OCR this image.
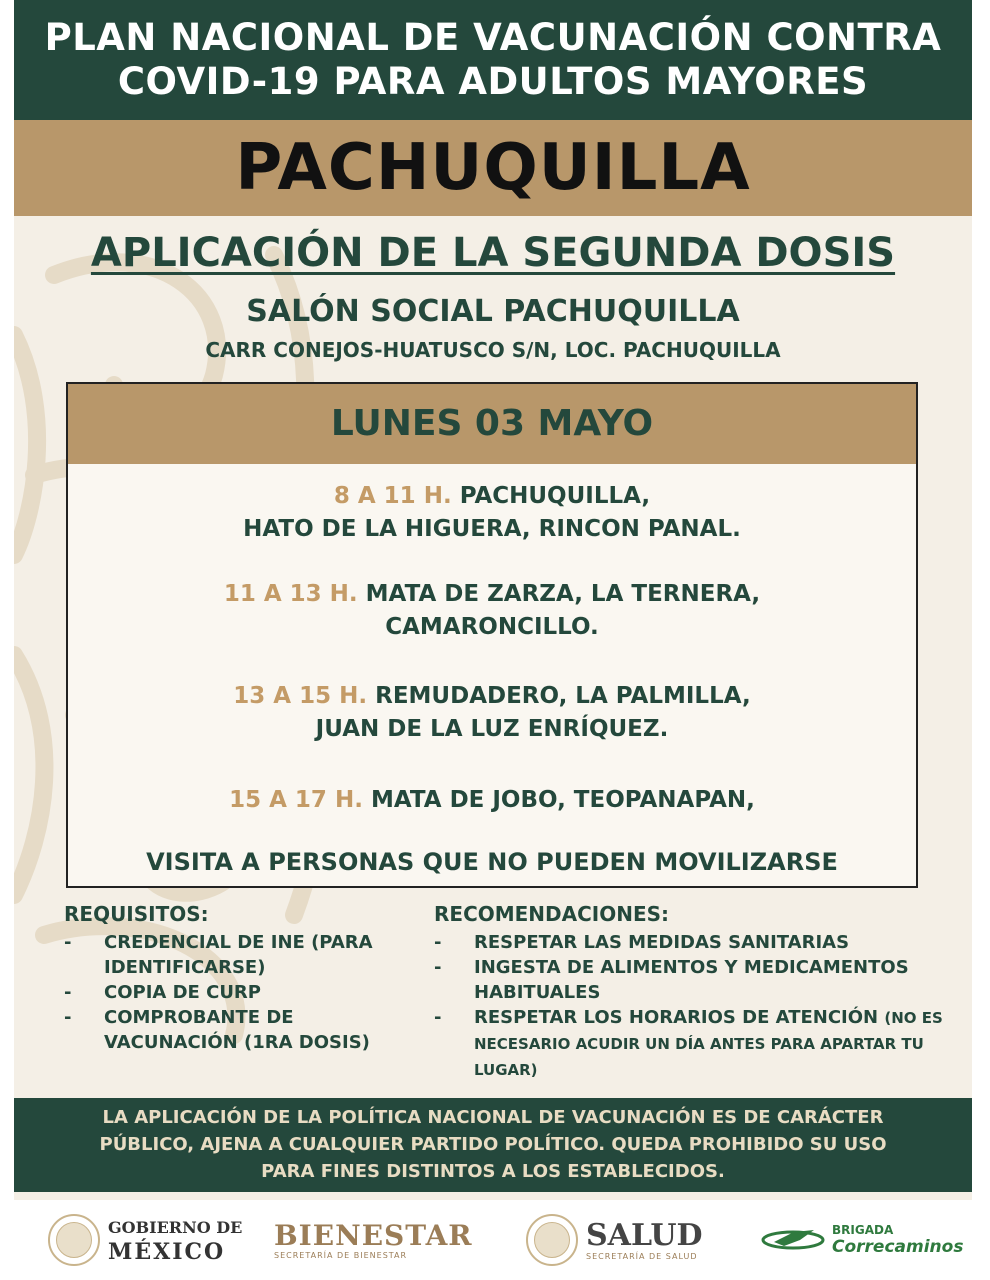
PLAN NACIONAL DE VACUNACIÓN CONTRA
COVID-19 PARA ADULTOS MAYORES
PACHUQUILLA
APLICACIÓN DE LA SEGUNDA DOSIS
SALÓN SOCIAL PACHUQUILLA
CARR CONEJOS-HUATUSCO S/N, LOC. PACHUQUILLA
LUNES 03 MAYO
8 A 11 H. PACHUQUILLA,
HATO DE LA HIGUERA, RINCON PANAL.
11 A 13 H. MATA DE ZARZA, LA TERNERA,
CAMARONCILLO.
13 A 15 H. REMUDADERO, LA PALMILLA,
JUAN DE LA LUZ ENRÍQUEZ.
15 A 17 H. MATA DE JOBO, TEOPANAPAN,
VISITA A PERSONAS QUE NO PUEDEN MOVILIZARSE
REQUISITOS:
- CREDENCIAL DE INE (PARA IDENTIFICARSE)
- COPIA DE CURP
- COMPROBANTE DE VACUNACIÓN (1RA DOSIS)
RECOMENDACIONES:
- RESPETAR LAS MEDIDAS SANITARIAS
- INGESTA DE ALIMENTOS Y MEDICAMENTOS HABITUALES
- RESPETAR LOS HORARIOS DE ATENCIÓN (NO ES NECESARIO ACUDIR UN DÍA ANTES PARA APARTAR TU LUGAR)
LA APLICACIÓN DE LA POLÍTICA NACIONAL DE VACUNACIÓN ES DE CARÁCTER
PÚBLICO, AJENA A CUALQUIER PARTIDO POLÍTICO. QUEDA PROHIBIDO SU USO
PARA FINES DISTINTOS A LOS ESTABLECIDOS.
GOBIERNO DE
MÉXICO
BIENESTAR
SECRETARÍA DE BIENESTAR
SALUD
SECRETARÍA DE SALUD
BRIGADA
Correcaminos
